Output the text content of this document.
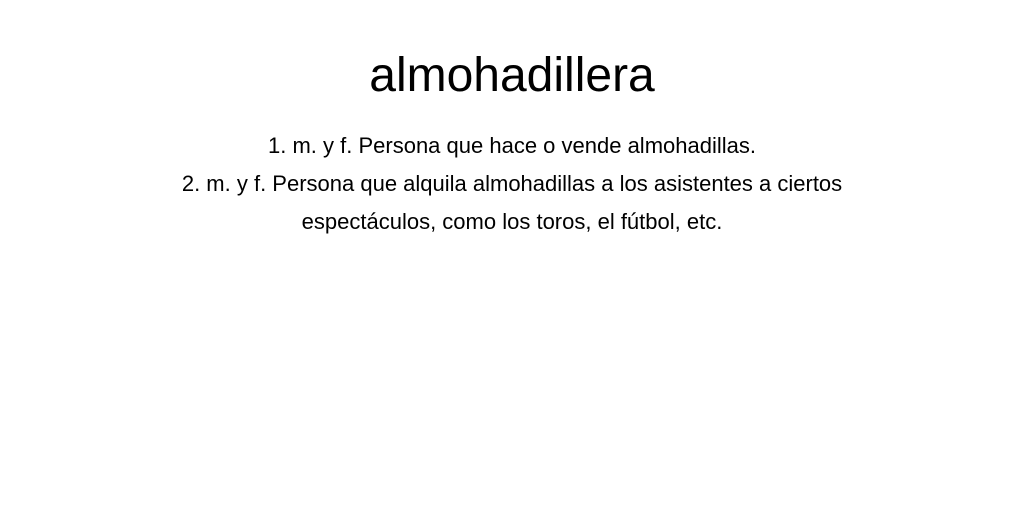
almohadillera
1. m. y f. Persona que hace o vende almohadillas.
2. m. y f. Persona que alquila almohadillas a los asistentes a ciertos espectáculos, como los toros, el fútbol, etc.
